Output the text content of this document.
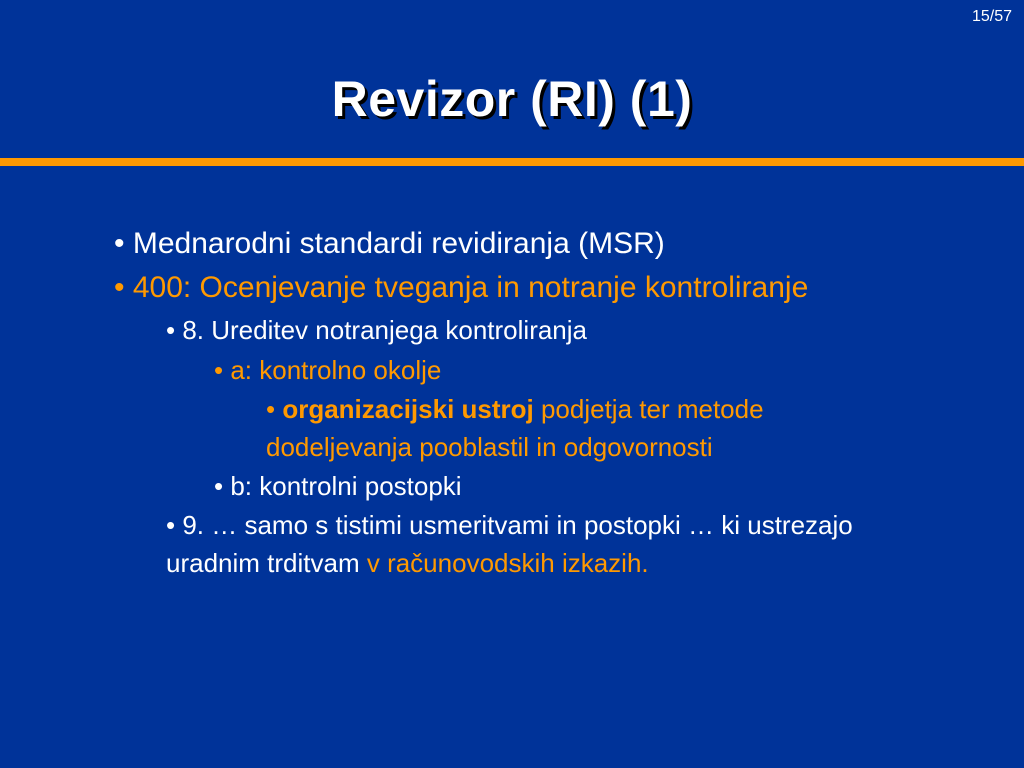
15/57
Revizor (RI) (1)

• Mednarodni standardi revidiranja (MSR)

• 400: Ocenjevanje tveganja in notranje kontroliranje

• 8. Ureditev notranjega kontroliranja

• a: kontrolno okolje

• organizacijski ustroj podjetja ter metode dodeljevanja pooblastil in odgovornosti

• b: kontrolni postopki

• 9. … samo s tistimi usmeritvami in postopki … ki ustrezajo uradnim trditvam v računovodskih izkazih.
